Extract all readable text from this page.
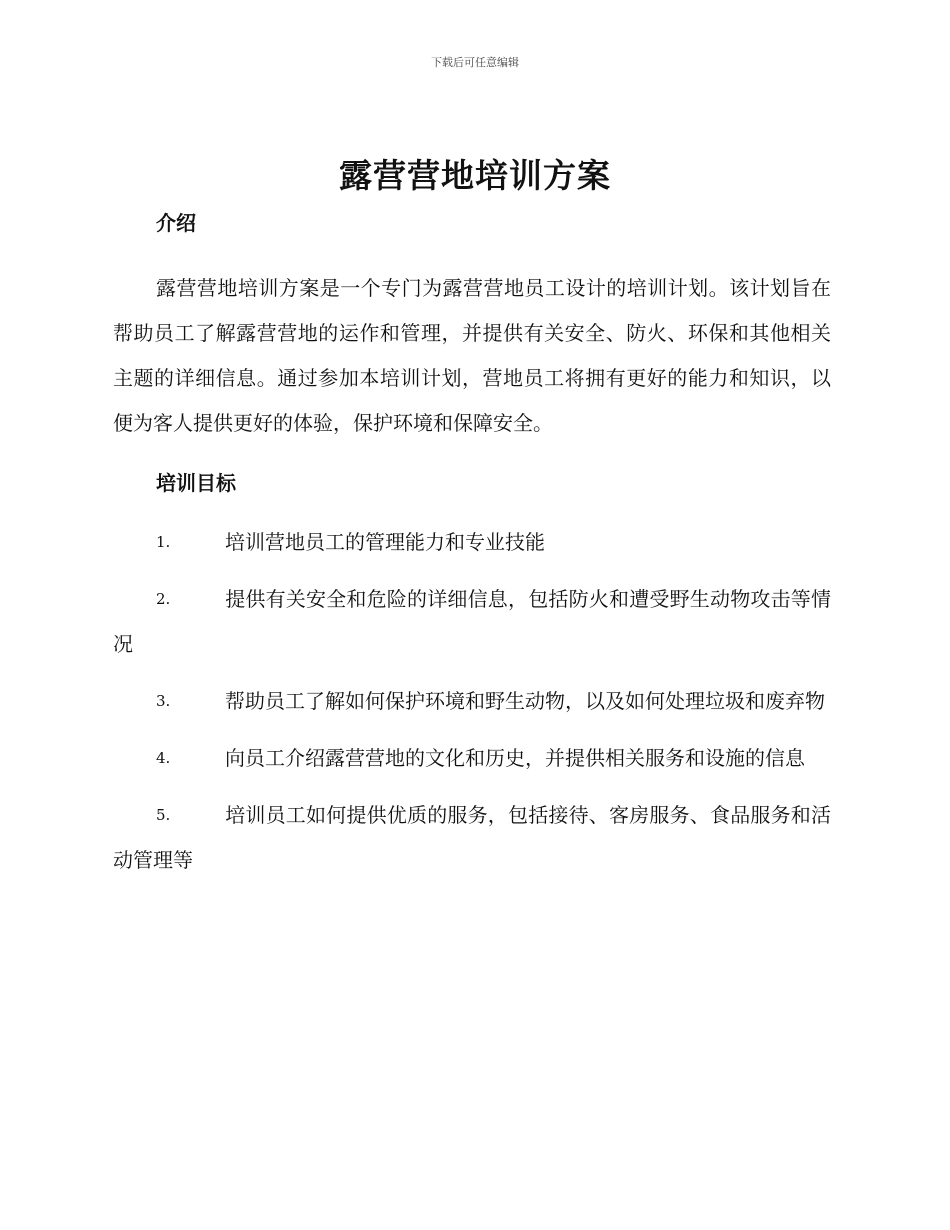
下载后可任意编辑
露营营地培训方案
介绍

露营营地培训方案是一个专门为露营营地员工设计的培训计划。该计划旨在帮助员工了解露营营地的运作和管理，并提供有关安全、防火、环保和其他相关主题的详细信息。通过参加本培训计划，营地员工将拥有更好的能力和知识，以便为客人提供更好的体验，保护环境和保障安全。

培训目标
1.	培训营地员工的管理能力和专业技能
2.	提供有关安全和危险的详细信息，包括防火和遭受野生动物攻击等情况
3.	帮助员工了解如何保护环境和野生动物，以及如何处理垃圾和废弃物
4.	向员工介绍露营营地的文化和历史，并提供相关服务和设施的信息
5.	培训员工如何提供优质的服务，包括接待、客房服务、食品服务和活动管理等
